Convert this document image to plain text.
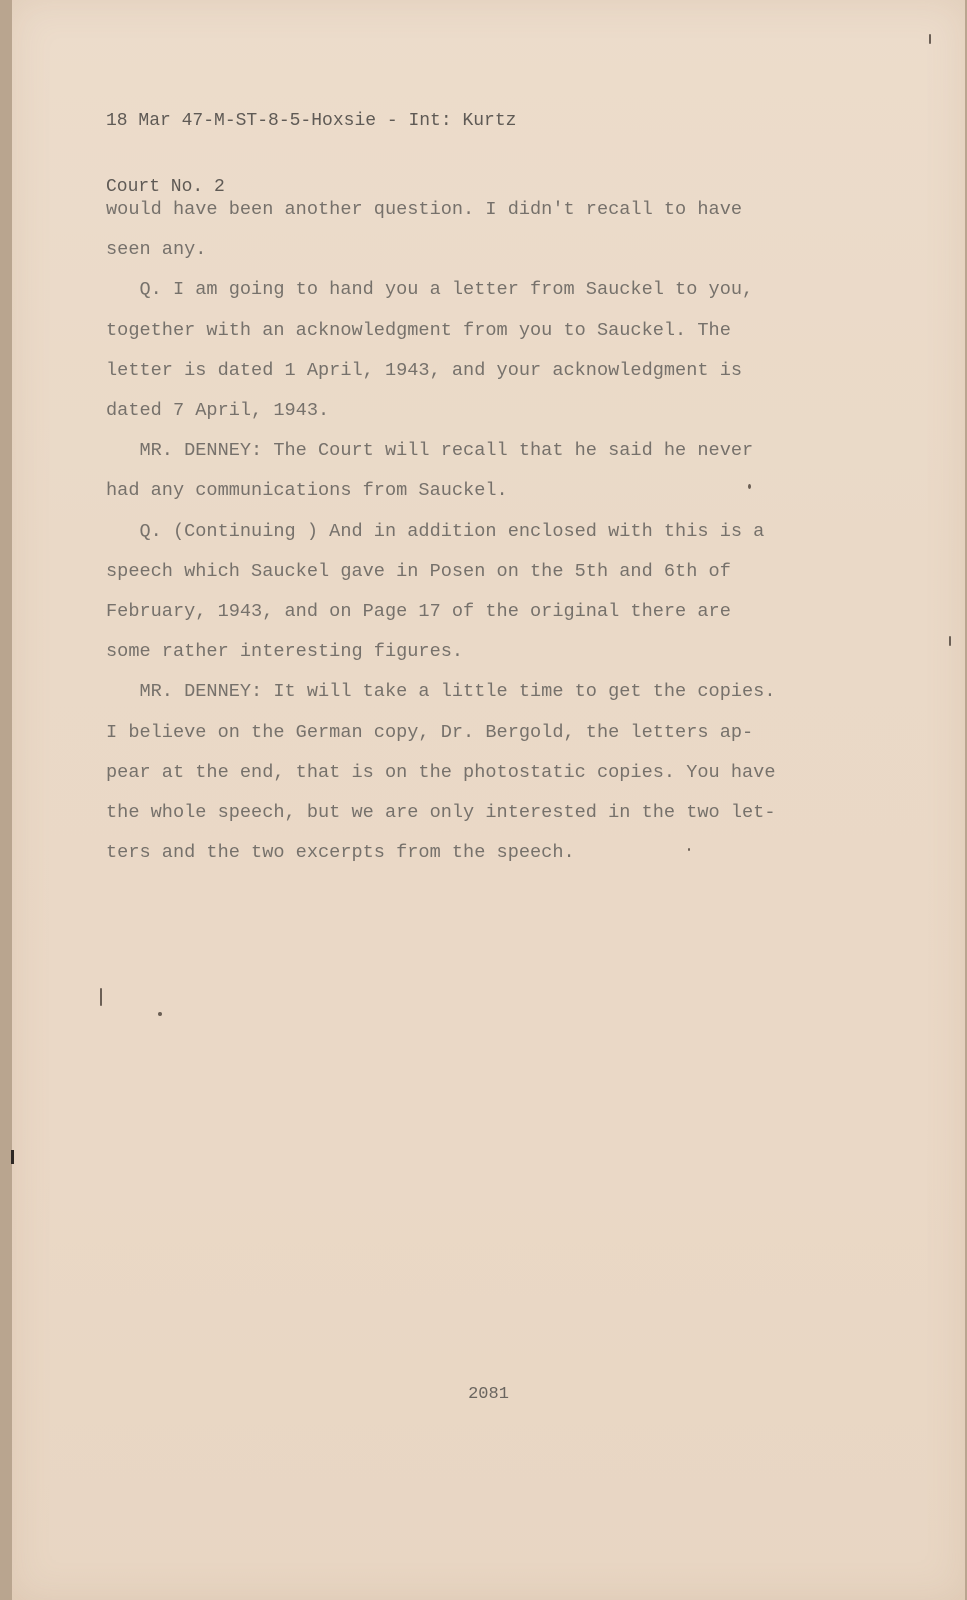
18 Mar 47-M-ST-8-5-Hoxsie - Int: Kurtz

Court No. 2

would have been another question. I didn't recall to have
seen any.
Q. I am going to hand you a letter from Sauckel to you,
together with an acknowledgment from you to Sauckel. The
letter is dated 1 April, 1943, and your acknowledgment is
dated 7 April, 1943.
MR. DENNEY: The Court will recall that he said he never
had any communications from Sauckel.
Q. (Continuing ) And in addition enclosed with this is a
speech which Sauckel gave in Posen on the 5th and 6th of
February, 1943, and on Page 17 of the original there are
some rather interesting figures.
MR. DENNEY: It will take a little time to get the copies.
I believe on the German copy, Dr. Bergold, the letters ap-
pear at the end, that is on the photostatic copies. You have
the whole speech, but we are only interested in the two let-
ters and the two excerpts from the speech.
2081
